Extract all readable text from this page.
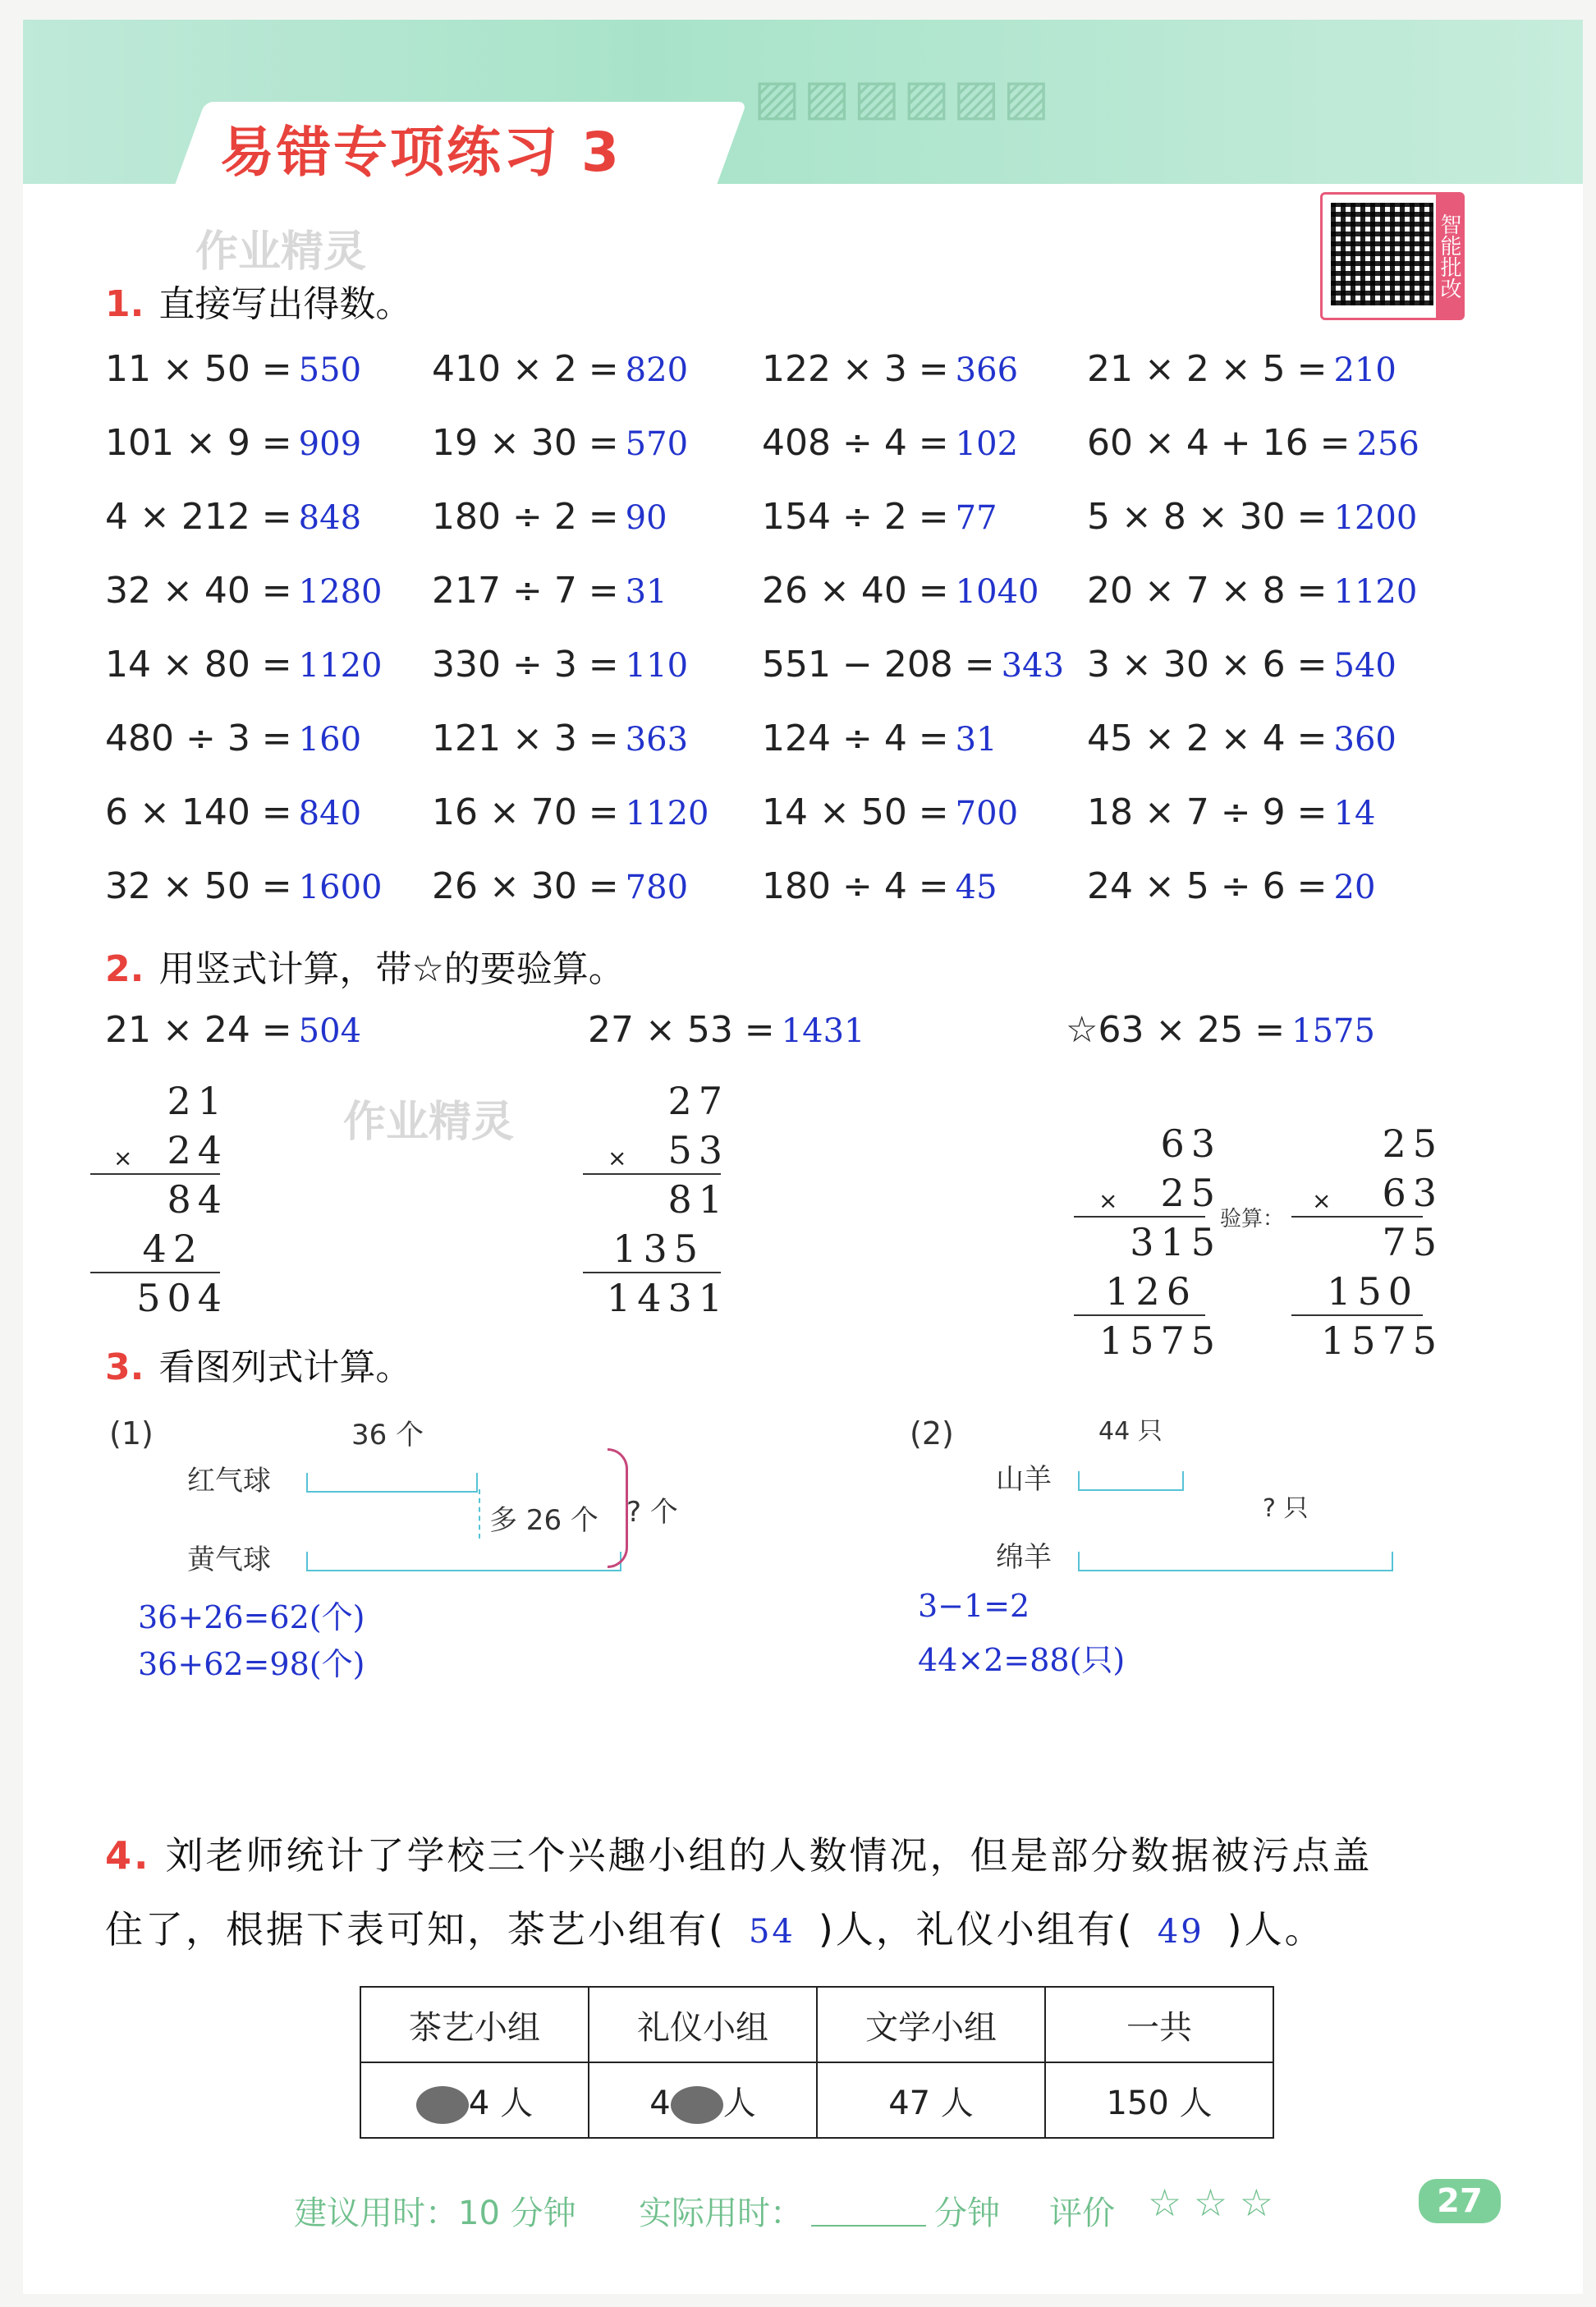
▨▨▨▨▨▨
易错专项练习 3
智能批改
作业精灵
作业精灵
1. 直接写出得数。
11 × 50 = 550 410 × 2 = 820 122 × 3 = 366 21 × 2 × 5 = 210
101 × 9 = 909 19 × 30 = 570 408 ÷ 4 = 102 60 × 4 + 16 = 256
4 × 212 = 848 180 ÷ 2 = 90	154 ÷ 2 = 77 5 × 8 × 30 = 1200
32 × 40 = 1280 217 ÷ 7 = 31	26 × 40 = 1040 20 × 7 × 8 = 1120
14 × 80 = 1120 330 ÷ 3 = 110 551 − 208 = 343 3 × 30 × 6 = 540
480 ÷ 3 = 160 121 × 3 = 363 124 ÷ 4 = 31 45 × 2 × 4 = 360
6 × 140 = 840 16 × 70 = 1120 14 × 50 = 700 18 × 7 ÷ 9 = 14
32 × 50 = 1600 26 × 30 = 780 180 ÷ 4 = 45 24 × 5 ÷ 6 = 20
2. 用竖式计算，带☆的要验算。
21 × 24 = 504	27 × 53 = 1431	☆63 × 25 = 1575
21
24
×
84
42
504
27
53
×
81
135
1431
63
25
×
315
126
1575
验算：
25
63
×
75
150
1575
3. 看图列式计算。
(1)
红气球
黄气球
36 个
多 26 个 ? 个
36+26=62(个)
36+62=98(个)
(2)
山羊
绵羊
44 只
? 只
3−1=2
44×2=88(只)
4. 刘老师统计了学校三个兴趣小组的人数情况，但是部分数据被污点盖
住了，根据下表可知，茶艺小组有( 54 )人，礼仪小组有( 49 )人。
茶艺小组	礼仪小组	文学小组	一共
4 人	4 人	47 人	150 人
建议用时：10 分钟 实际用时：	分钟 评价 ☆ ☆ ☆	27
